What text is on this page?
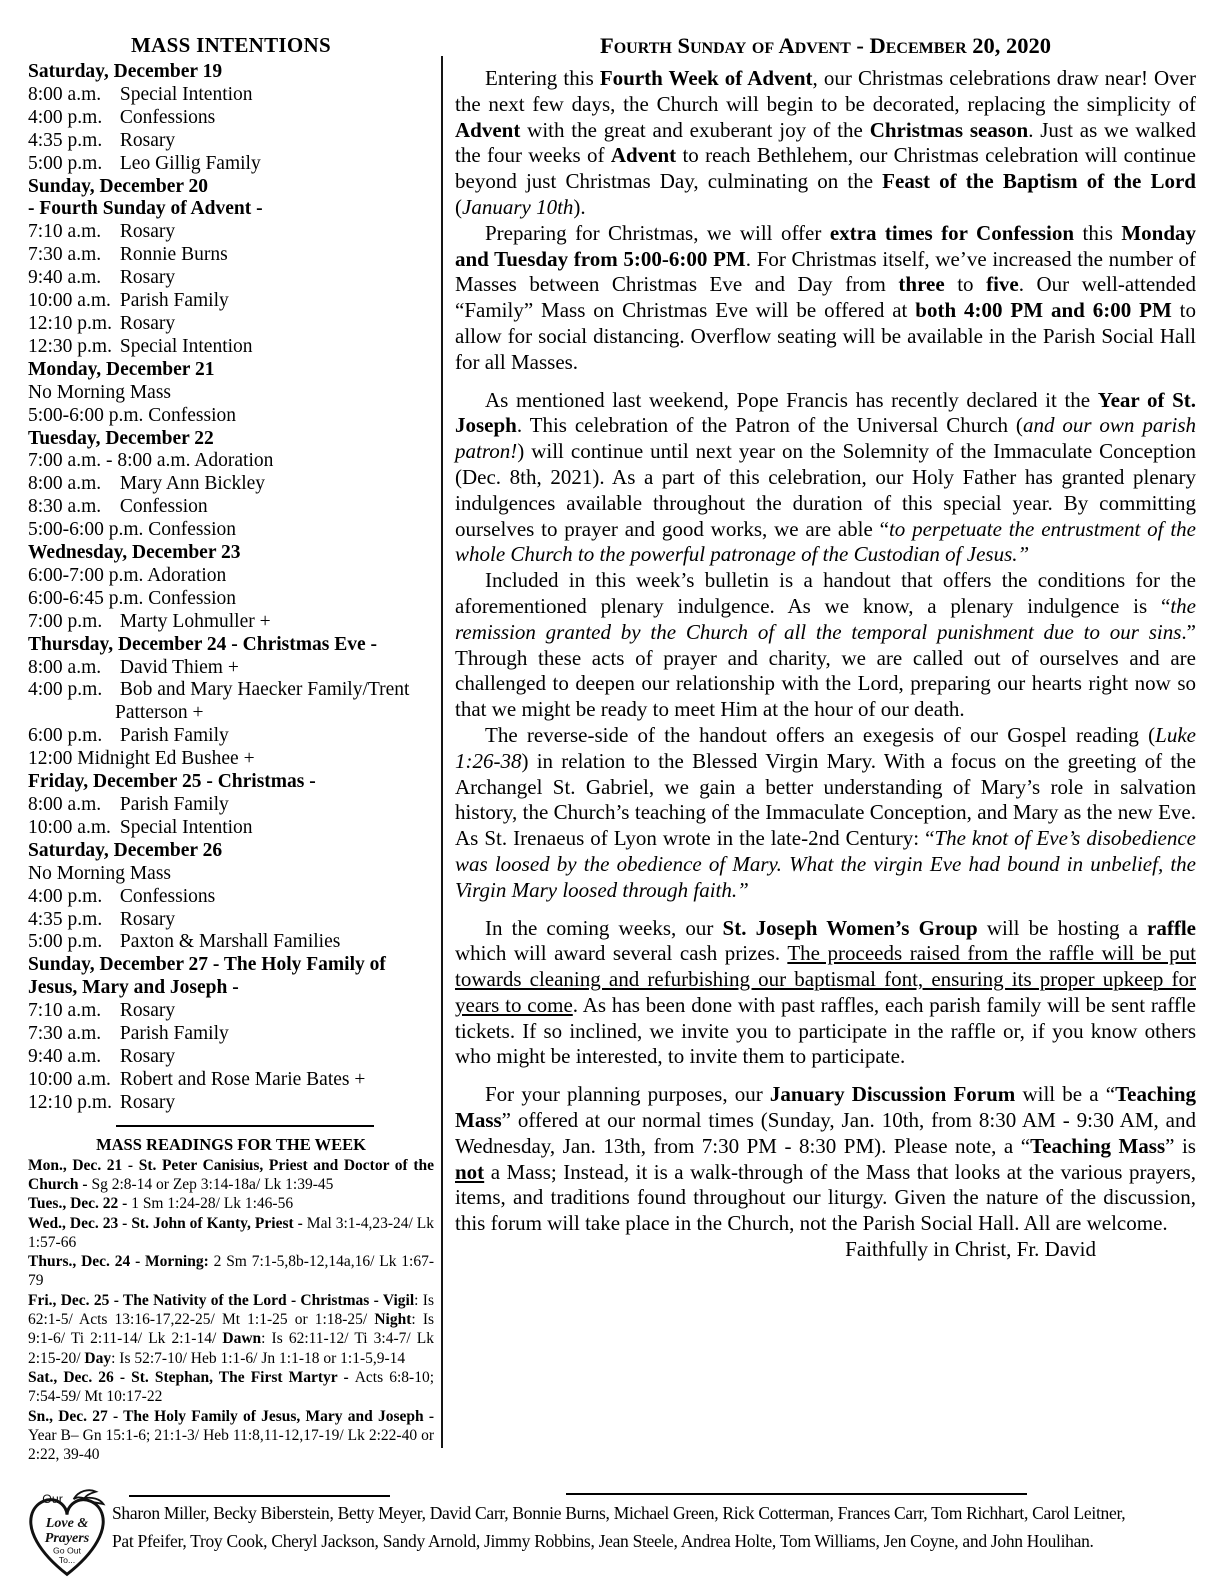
MASS INTENTIONS
Saturday, December 19
8:00 a.m. Special Intention
4:00 p.m. Confessions
4:35 p.m. Rosary
5:00 p.m. Leo Gillig Family
Sunday, December 20
- Fourth Sunday of Advent -
7:10 a.m. Rosary
7:30 a.m. Ronnie Burns
9:40 a.m. Rosary
10:00 a.m. Parish Family
12:10 p.m. Rosary
12:30 p.m. Special Intention
Monday, December 21
No Morning Mass
5:00-6:00 p.m. Confession
Tuesday, December 22
7:00 a.m. - 8:00 a.m. Adoration
8:00 a.m. Mary Ann Bickley
8:30 a.m. Confession
5:00-6:00 p.m. Confession
Wednesday, December 23
6:00-7:00 p.m. Adoration
6:00-6:45 p.m. Confession
7:00 p.m. Marty Lohmuller +
Thursday, December 24 - Christmas Eve -
8:00 a.m. David Thiem +
4:00 p.m. Bob and Mary Haecker Family/Trent Patterson +
6:00 p.m. Parish Family
12:00 Midnight Ed Bushee +
Friday, December 25 - Christmas -
8:00 a.m. Parish Family
10:00 a.m. Special Intention
Saturday, December 26
No Morning Mass
4:00 p.m. Confessions
4:35 p.m. Rosary
5:00 p.m. Paxton & Marshall Families
Sunday, December 27 - The Holy Family of Jesus, Mary and Joseph -
7:10 a.m. Rosary
7:30 a.m. Parish Family
9:40 a.m. Rosary
10:00 a.m. Robert and Rose Marie Bates +
12:10 p.m. Rosary
MASS READINGS FOR THE WEEK
Mon., Dec. 21 - St. Peter Canisius, Priest and Doctor of the Church - Sg 2:8-14 or Zep 3:14-18a/ Lk 1:39-45
Tues., Dec. 22 - 1 Sm 1:24-28/ Lk 1:46-56
Wed., Dec. 23 - St. John of Kanty, Priest - Mal 3:1-4,23-24/ Lk 1:57-66
Thurs., Dec. 24 - Morning: 2 Sm 7:1-5,8b-12,14a,16/ Lk 1:67-79
Fri., Dec. 25 - The Nativity of the Lord - Christmas - Vigil: Is 62:1-5/ Acts 13:16-17,22-25/ Mt 1:1-25 or 1:18-25/ Night: Is 9:1-6/ Ti 2:11-14/ Lk 2:1-14/ Dawn: Is 62:11-12/ Ti 3:4-7/ Lk 2:15-20/ Day: Is 52:7-10/ Heb 1:1-6/ Jn 1:1-18 or 1:1-5,9-14
Sat., Dec. 26 - St. Stephan, The First Martyr - Acts 6:8-10; 7:54-59/ Mt 10:17-22
Sn., Dec. 27 - The Holy Family of Jesus, Mary and Joseph - Year B– Gn 15:1-6; 21:1-3/ Heb 11:8,11-12,17-19/ Lk 2:22-40 or 2:22, 39-40
Fourth Sunday of Advent - December 20, 2020
Entering this Fourth Week of Advent, our Christmas celebrations draw near! Over the next few days, the Church will begin to be decorated, replacing the simplicity of Advent with the great and exuberant joy of the Christmas season. Just as we walked the four weeks of Advent to reach Bethlehem, our Christmas celebration will continue beyond just Christmas Day, culminating on the Feast of the Baptism of the Lord (January 10th).
Preparing for Christmas, we will offer extra times for Confession this Monday and Tuesday from 5:00-6:00 PM. For Christmas itself, we’ve increased the number of Masses between Christmas Eve and Day from three to five. Our well-attended “Family” Mass on Christmas Eve will be offered at both 4:00 PM and 6:00 PM to allow for social distancing. Overflow seating will be available in the Parish Social Hall for all Masses.
As mentioned last weekend, Pope Francis has recently declared it the Year of St. Joseph. This celebration of the Patron of the Universal Church (and our own parish patron!) will continue until next year on the Solemnity of the Immaculate Conception (Dec. 8th, 2021). As a part of this celebration, our Holy Father has granted plenary indulgences available throughout the duration of this special year. By committing ourselves to prayer and good works, we are able “to perpetuate the entrustment of the whole Church to the powerful patronage of the Custodian of Jesus.”
Included in this week’s bulletin is a handout that offers the conditions for the aforementioned plenary indulgence. As we know, a plenary indulgence is “the remission granted by the Church of all the temporal punishment due to our sins.” Through these acts of prayer and charity, we are called out of ourselves and are challenged to deepen our relationship with the Lord, preparing our hearts right now so that we might be ready to meet Him at the hour of our death.
The reverse-side of the handout offers an exegesis of our Gospel reading (Luke 1:26-38) in relation to the Blessed Virgin Mary. With a focus on the greeting of the Archangel St. Gabriel, we gain a better understanding of Mary’s role in salvation history, the Church’s teaching of the Immaculate Conception, and Mary as the new Eve. As St. Irenaeus of Lyon wrote in the late-2nd Century: “The knot of Eve’s disobedience was loosed by the obedience of Mary. What the virgin Eve had bound in unbelief, the Virgin Mary loosed through faith.”
In the coming weeks, our St. Joseph Women’s Group will be hosting a raffle which will award several cash prizes. The proceeds raised from the raffle will be put towards cleaning and refurbishing our baptismal font, ensuring its proper upkeep for years to come. As has been done with past raffles, each parish family will be sent raffle tickets. If so inclined, we invite you to participate in the raffle or, if you know others who might be interested, to invite them to participate.
For your planning purposes, our January Discussion Forum will be a “Teaching Mass” offered at our normal times (Sunday, Jan. 10th, from 8:30 AM - 9:30 AM, and Wednesday, Jan. 13th, from 7:30 PM - 8:30 PM). Please note, a “Teaching Mass” is not a Mass; Instead, it is a walk-through of the Mass that looks at the various prayers, items, and traditions found throughout our liturgy. Given the nature of the discussion, this forum will take place in the Church, not the Parish Social Hall. All are welcome.
Faithfully in Christ, Fr. David
Our
Love &
Prayers
Go Out
To...
Sharon Miller, Becky Biberstein, Betty Meyer, David Carr, Bonnie Burns, Michael Green, Rick Cotterman, Frances Carr, Tom Richhart, Carol Leitner,
Pat Pfeifer, Troy Cook, Cheryl Jackson, Sandy Arnold, Jimmy Robbins, Jean Steele, Andrea Holte, Tom Williams, Jen Coyne, and John Houlihan.
